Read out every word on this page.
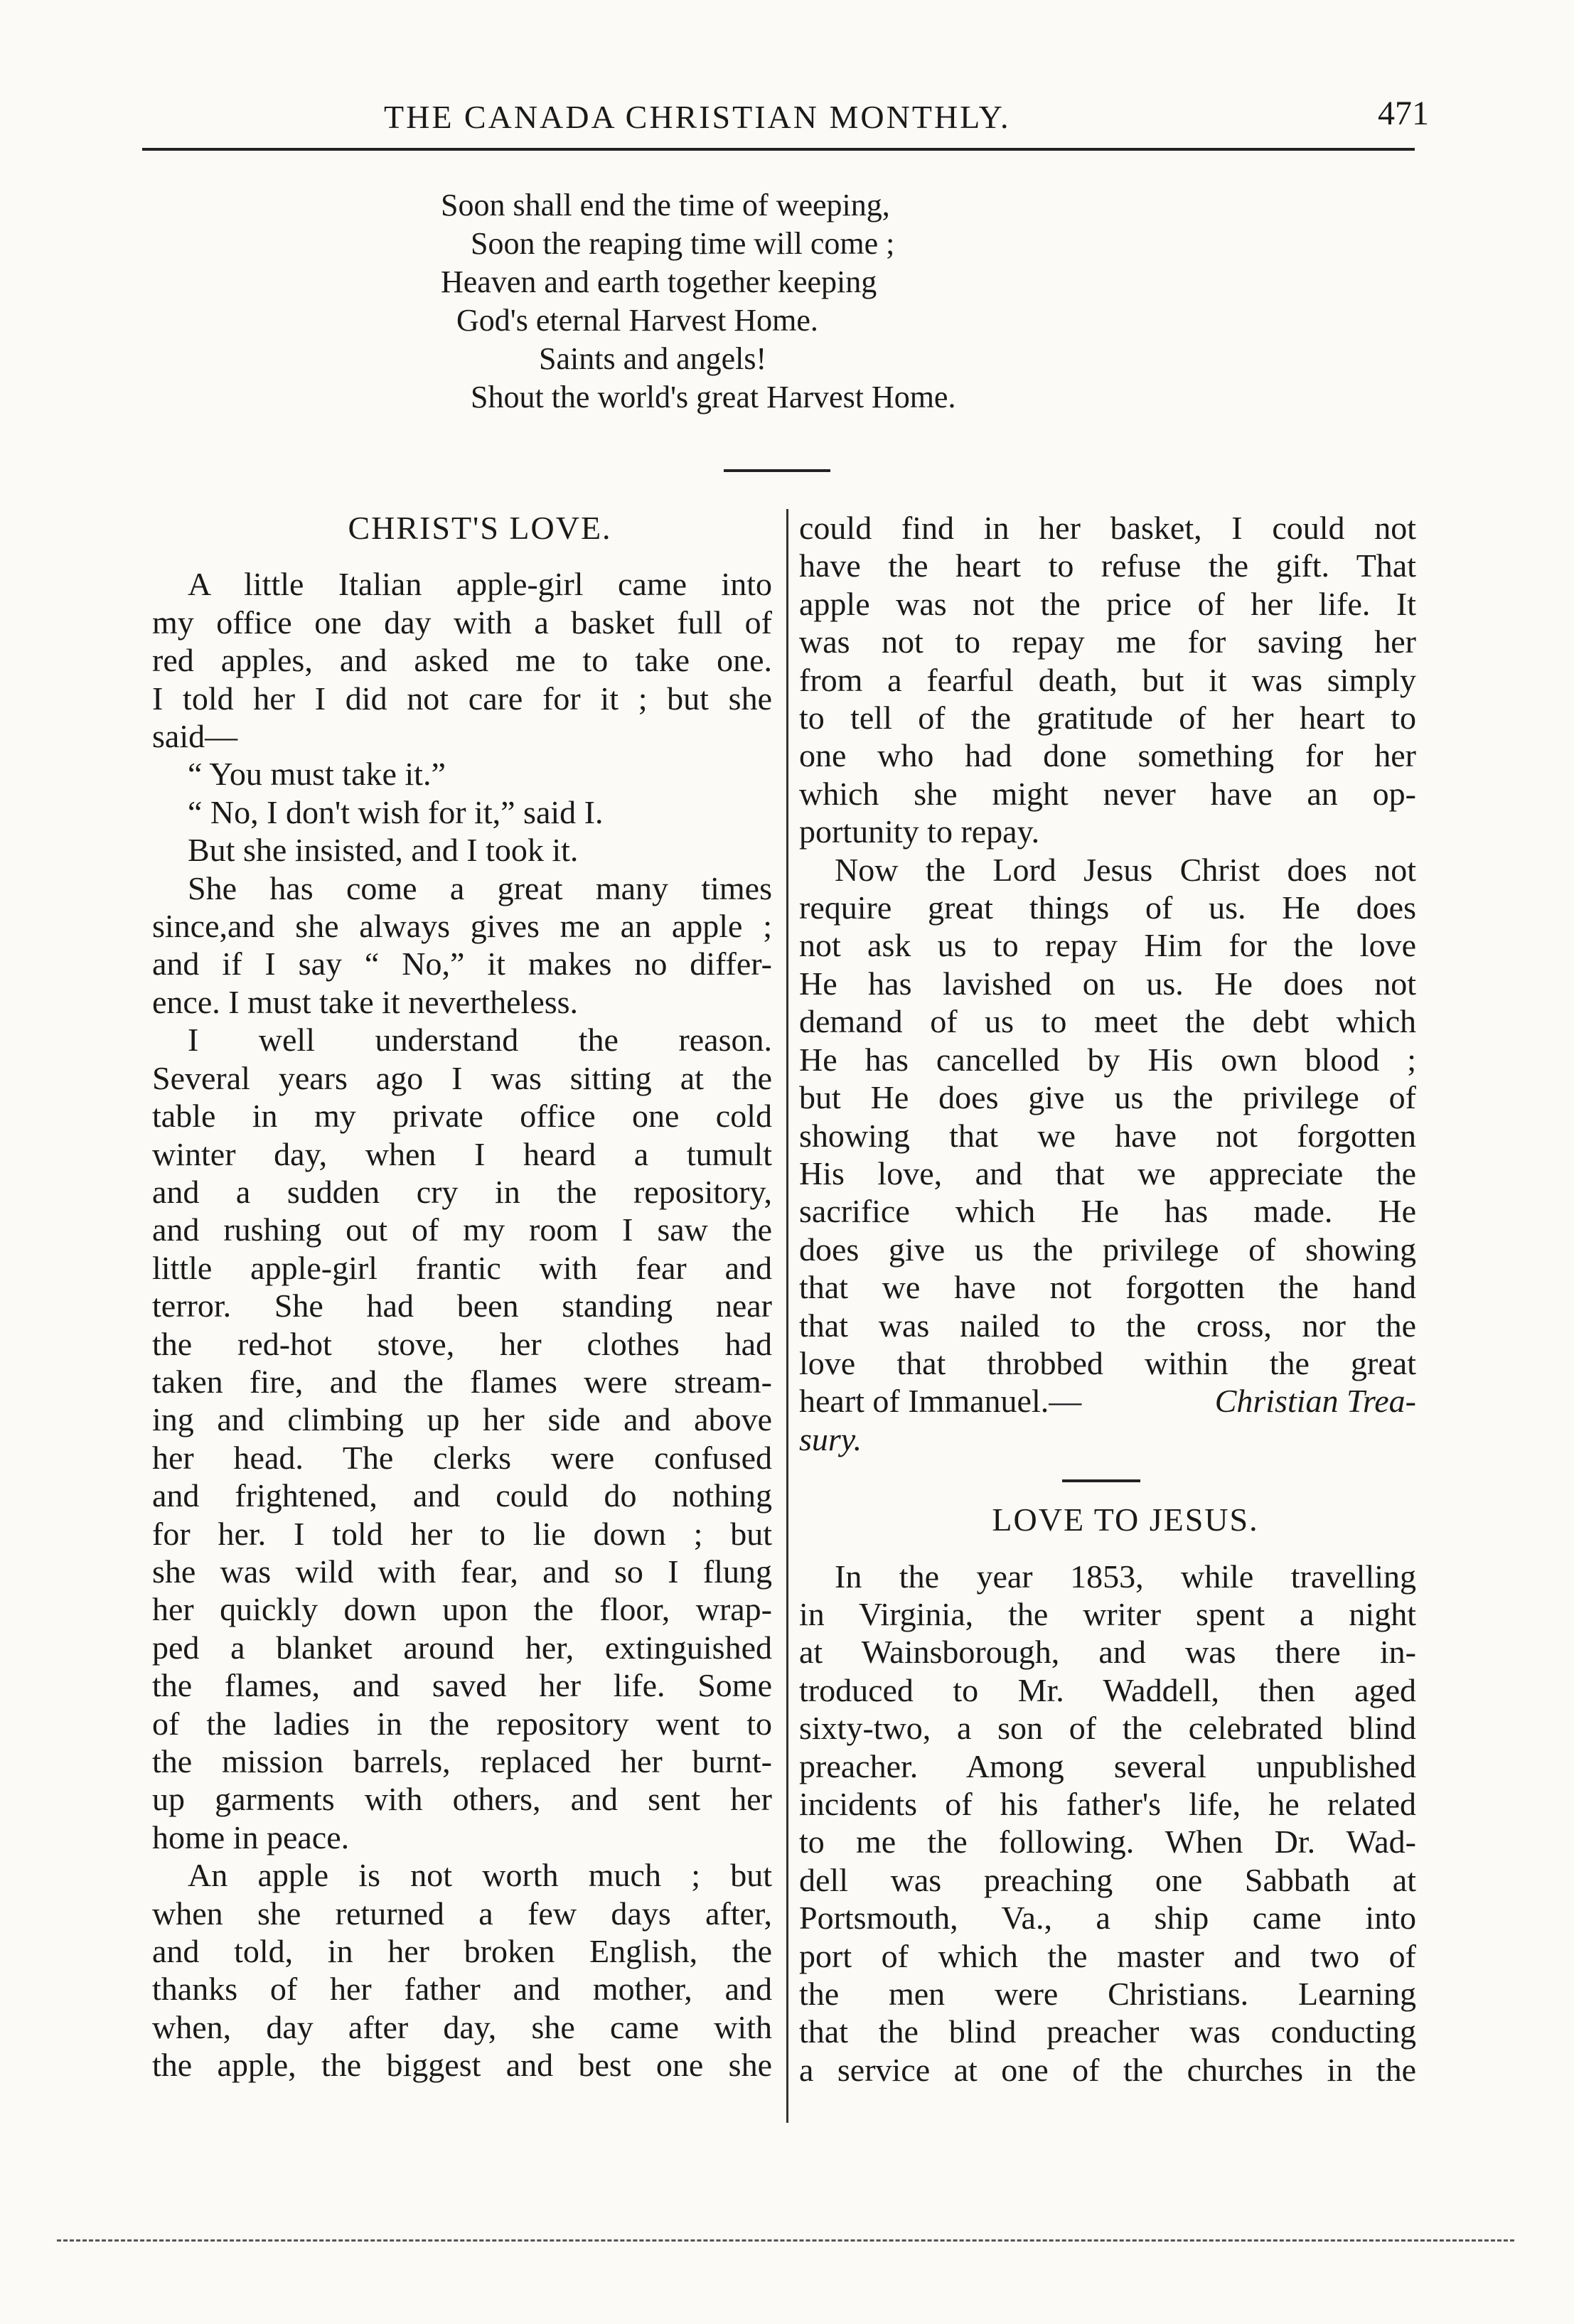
THE CANADA CHRISTIAN MONTHLY.	471
Soon shall end the time of weeping,
Soon the reaping time will come ;
Heaven and earth together keeping
God's eternal Harvest Home.
Saints and angels!
Shout the world's great Harvest Home.
CHRIST'S LOVE.
A little Italian apple-girl came into
my office one day with a basket full of
red apples, and asked me to take one.
I told her I did not care for it ; but she
said—
“ You must take it.”
“ No, I don't wish for it,” said I.
But she insisted, and I took it.
She has come a great many times
since,and she always gives me an apple ;
and if I say “ No,” it makes no differ-
ence. I must take it nevertheless.
I well understand the reason.
Several years ago I was sitting at the
table in my private office one cold
winter day, when I heard a tumult
and a sudden cry in the repository,
and rushing out of my room I saw the
little apple-girl frantic with fear and
terror. She had been standing near
the red-hot stove, her clothes had
taken fire, and the flames were stream-
ing and climbing up her side and above
her head. The clerks were confused
and frightened, and could do nothing
for her. I told her to lie down ; but
she was wild with fear, and so I flung
her quickly down upon the floor, wrap-
ped a blanket around her, extinguished
the flames, and saved her life. Some
of the ladies in the repository went to
the mission barrels, replaced her burnt-
up garments with others, and sent her
home in peace.
An apple is not worth much ; but
when she returned a few days after,
and told, in her broken English, the
thanks of her father and mother, and
when, day after day, she came with
the apple, the biggest and best one she
could find in her basket, I could not
have the heart to refuse the gift. That
apple was not the price of her life. It
was not to repay me for saving her
from a fearful death, but it was simply
to tell of the gratitude of her heart to
one who had done something for her
which she might never have an op-
portunity to repay.
Now the Lord Jesus Christ does not
require great things of us. He does
not ask us to repay Him for the love
He has lavished on us. He does not
demand of us to meet the debt which
He has cancelled by His own blood ;
but He does give us the privilege of
showing that we have not forgotten
His love, and that we appreciate the
sacrifice which He has made. He
does give us the privilege of showing
that we have not forgotten the hand
that was nailed to the cross, nor the
love that throbbed within the great
heart of Immanuel.—	Christian Trea-
sury.
LOVE TO JESUS.
In the year 1853, while travelling
in Virginia, the writer spent a night
at Wainsborough, and was there in-
troduced to Mr. Waddell, then aged
sixty-two, a son of the celebrated blind
preacher. Among several unpublished
incidents of his father's life, he related
to me the following. When Dr. Wad-
dell was preaching one Sabbath at
Portsmouth, Va., a ship came into
port of which the master and two of
the men were Christians. Learning
that the blind preacher was conducting
a service at one of the churches in the
